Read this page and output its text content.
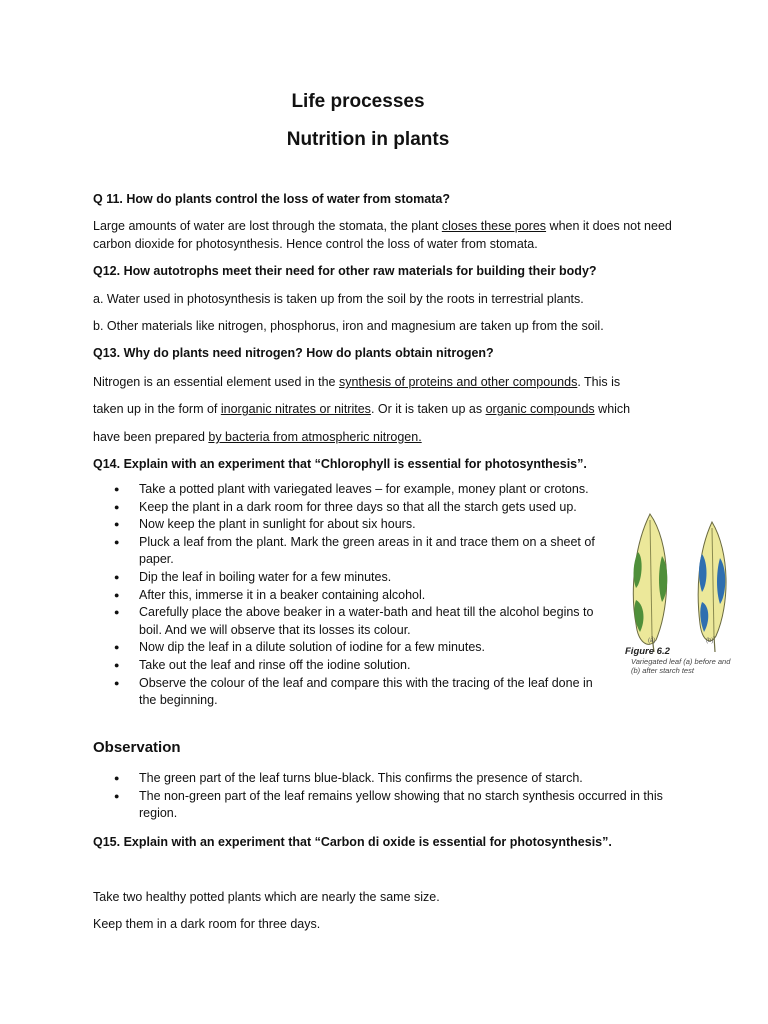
Life processes
Nutrition in plants
Q 11. How do plants control the loss of water from stomata?
Large amounts of water are lost through the stomata, the plant closes these pores when it does not need carbon dioxide for photosynthesis. Hence control the loss of water from stomata.
Q12. How autotrophs meet their need for other raw materials for building their body?
a. Water used in photosynthesis is taken up from the soil by the roots in terrestrial plants.
b. Other materials like nitrogen, phosphorus, iron and magnesium are taken up from the soil.
Q13. Why do plants need nitrogen? How do plants obtain nitrogen?
Nitrogen is an essential element used in the synthesis of proteins and other compounds. This is
taken up in the form of inorganic nitrates or nitrites. Or it is taken up as organic compounds which
have been prepared by bacteria from atmospheric nitrogen.
Q14. Explain with an experiment that “Chlorophyll is essential for photosynthesis”.
● Take a potted plant with variegated leaves – for example, money plant or crotons.
● Keep the plant in a dark room for three days so that all the starch gets used up.
● Now keep the plant in sunlight for about six hours.
● Pluck a leaf from the plant. Mark the green areas in it and trace them on a sheet of paper.
● Dip the leaf in boiling water for a few minutes.
● After this, immerse it in a beaker containing alcohol.
● Carefully place the above beaker in a water-bath and heat till the alcohol begins to boil. And we will observe that its losses its colour.
● Now dip the leaf in a dilute solution of iodine for a few minutes.
● Take out the leaf and rinse off the iodine solution.
● Observe the colour of the leaf and compare this with the tracing of the leaf done in the beginning.
(a)	(b)
Figure 6.2
Variegated leaf (a) before and (b) after starch test
Observation
● The green part of the leaf turns blue-black. This confirms the presence of starch.
● The non-green part of the leaf remains yellow showing that no starch synthesis occurred in this region.
Q15. Explain with an experiment that “Carbon di oxide is essential for photosynthesis”.
Take two healthy potted plants which are nearly the same size.
Keep them in a dark room for three days.
